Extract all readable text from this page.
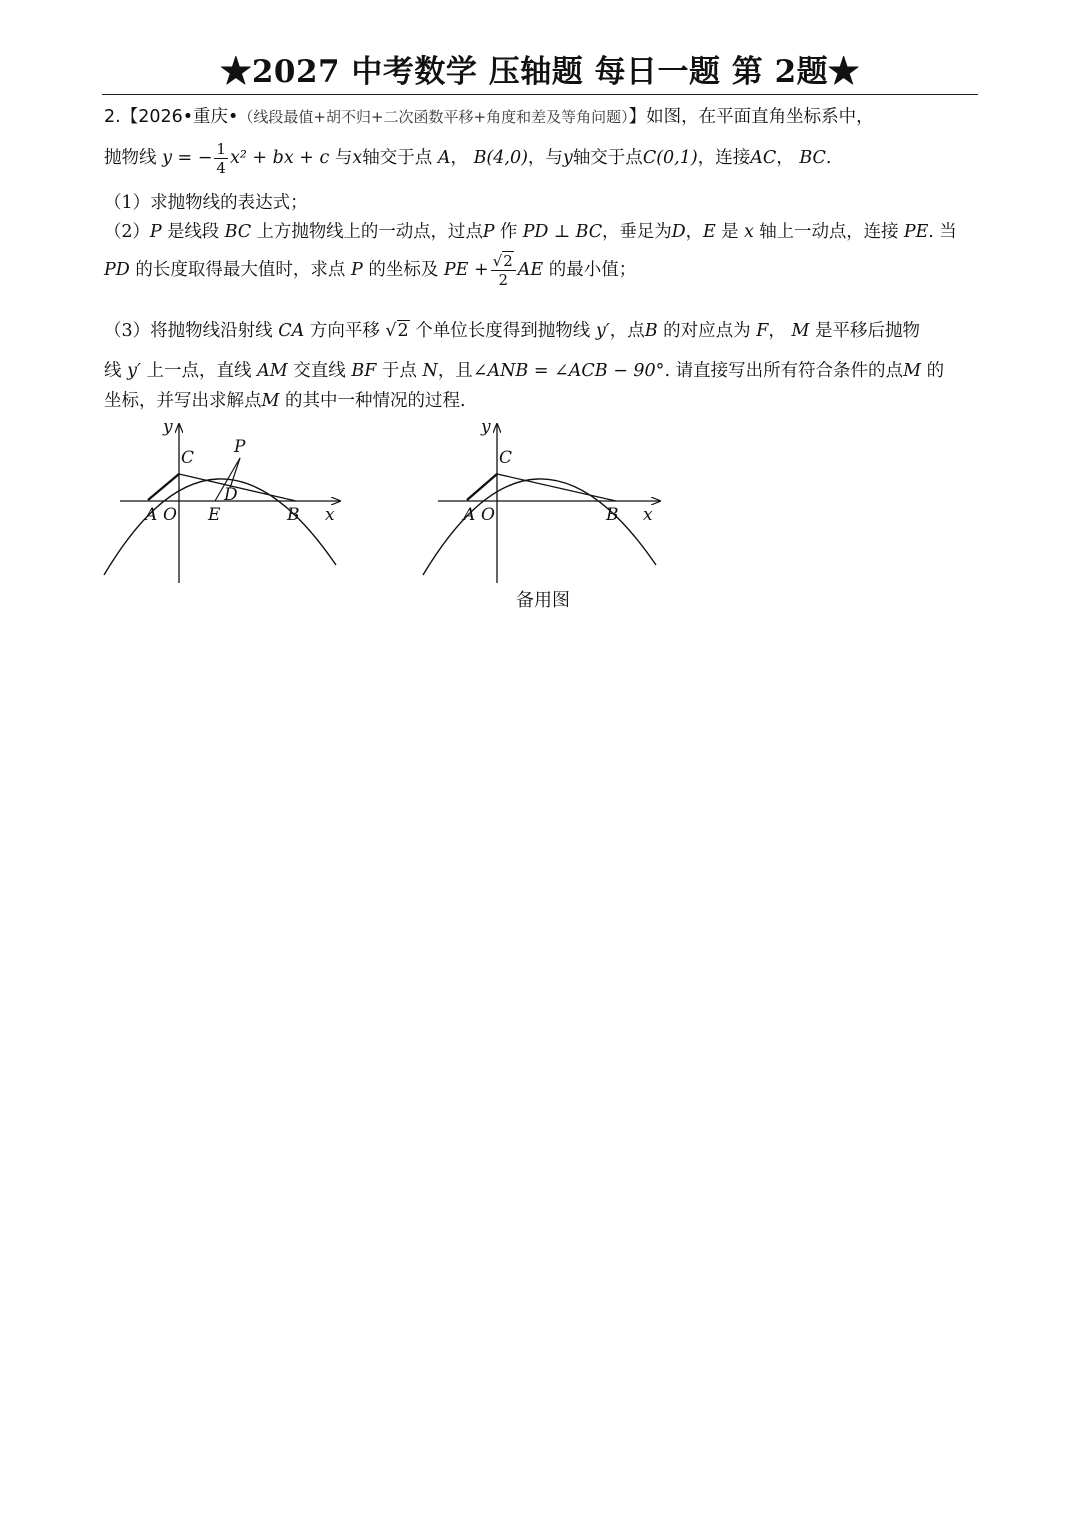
★2027 中考数学 压轴题 每日一题 第 2题★
2.【2026•重庆•（线段最值+胡不归+二次函数平移+角度和差及等角问题）】如图，在平面直角坐标系中，
抛物线 y = − $\frac{1}{4} x^2$ + bx + c 与x轴交于点 A， B(4,0)，与y轴交于点C(0,1)，连接AC， BC.
（1）求抛物线的表达式；
（2）P 是线段 BC 上方抛物线上的一动点，过点P 作 PD ⊥ BC，垂足为D，E 是 x 轴上一动点，连接 PE. 当
PD 的长度取得最大值时，求点 P 的坐标及 PE + $\frac{√2}{2}$ AE 的最小值；
（3）将抛物线沿射线 CA 方向平移 √2 个单位长度得到抛物线 y′，点B 的对应点为 F， M 是平移后抛物
线 y′ 上一点，直线 AM 交直线 BF 于点 N，且∠ANB = ∠ACB − 90°. 请直接写出所有符合条件的点M 的
坐标，并写出求解点M 的其中一种情况的过程.
y
C
P
D
A O E	B x
y
C
A O	B x
备用图
